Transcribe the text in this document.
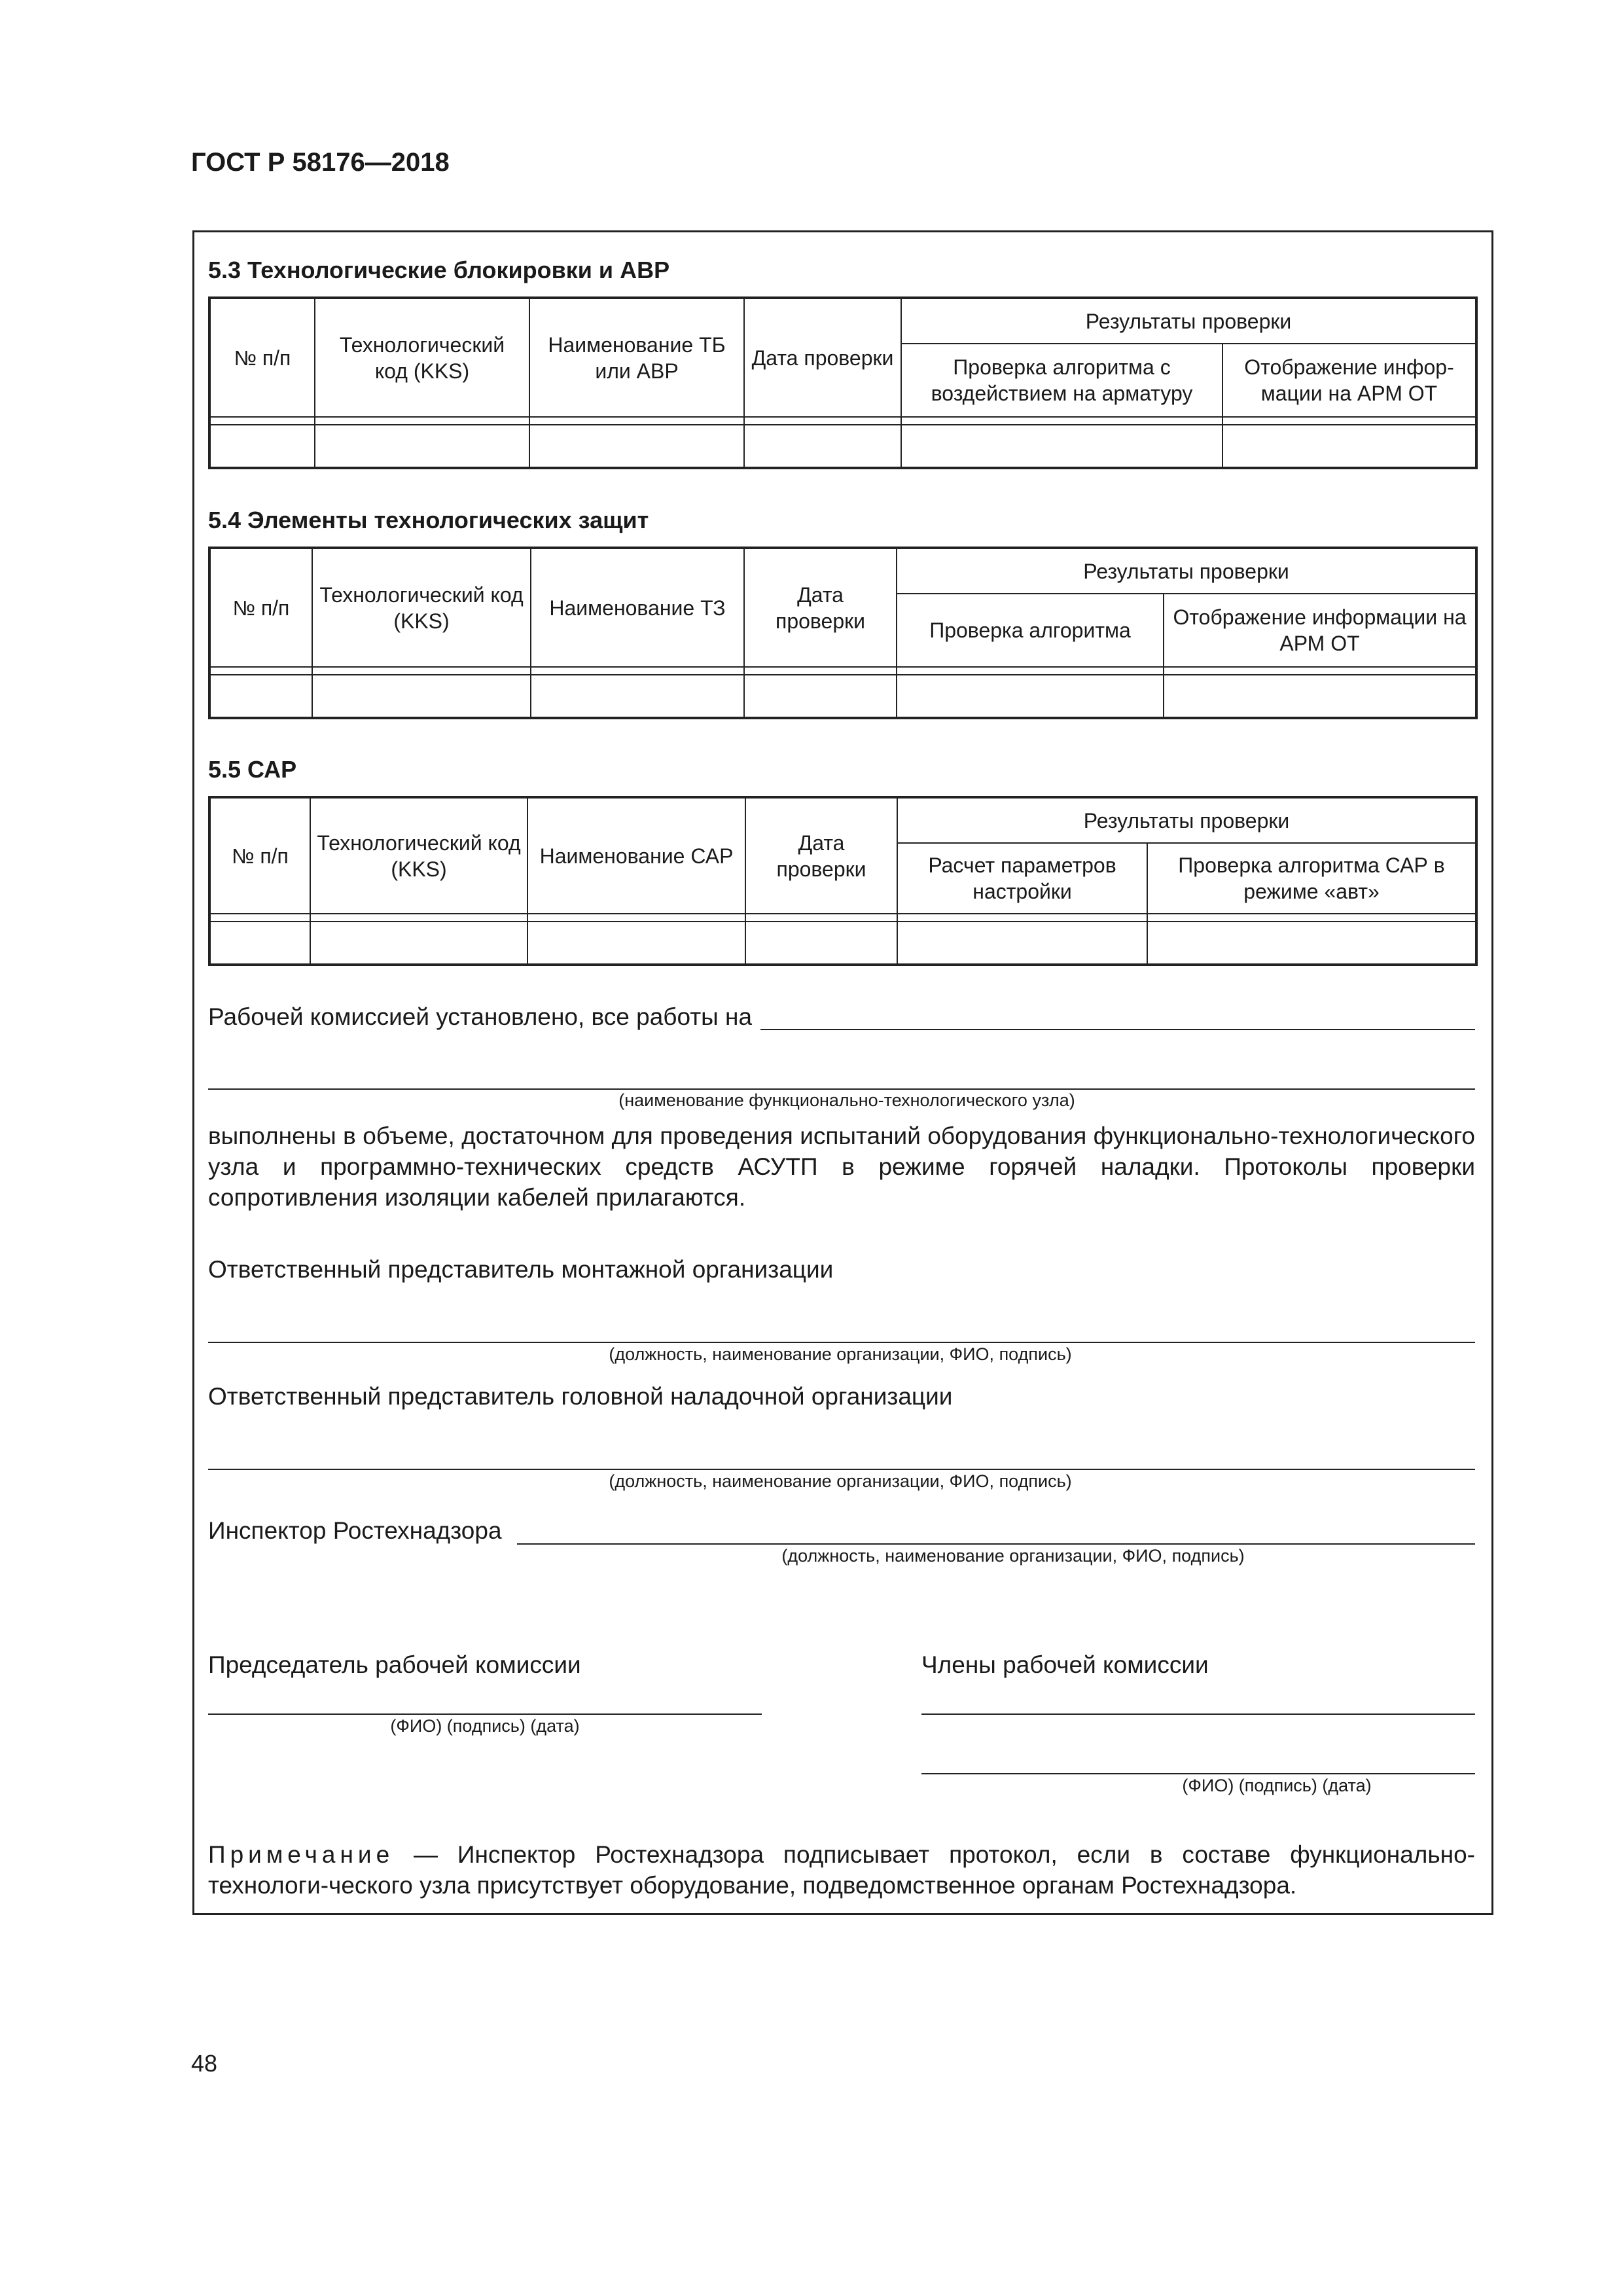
ГОСТ Р 58176—2018
5.3 Технологические блокировки и АВР
№ п/п	Технологический код (KKS)	Наименование ТБ или АВР	Дата проверки	Результаты проверки	
				Проверка алгоритма с воздействием на арматуру	Отображение инфор-мации на АРМ ОТ

5.4 Элементы технологических защит
№ п/п	Технологический код (KKS)	Наименование ТЗ	Дата проверки	Результаты проверки	
				Проверка алгоритма	Отображение информации на АРМ ОТ

5.5 САР
№ п/п	Технологический код (KKS)	Наименование САР	Дата проверки	Результаты проверки	
				Расчет параметров настройки	Проверка алгоритма САР в режиме «авт»

Рабочей комиссией установлено, все работы на
(наименование функционально-технологического узла)
выполнены в объеме, достаточном для проведения испытаний оборудования функционально-технологического узла и программно-технических средств АСУТП в режиме горячей наладки. Протоколы проверки сопротивления изоляции кабелей прилагаются.
Ответственный представитель монтажной организации
(должность, наименование организации, ФИО, подпись)
Ответственный представитель головной наладочной организации
(должность, наименование организации, ФИО, подпись)
Инспектор Ростехнадзора
(должность, наименование организации, ФИО, подпись)
Председатель рабочей комиссии
(ФИО) (подпись) (дата)
Члены рабочей комиссии
(ФИО) (подпись) (дата)
Примечание — Инспектор Ростехнадзора подписывает протокол, если в составе функционально-технологи-ческого узла присутствует оборудование, подведомственное органам Ростехнадзора.
48
